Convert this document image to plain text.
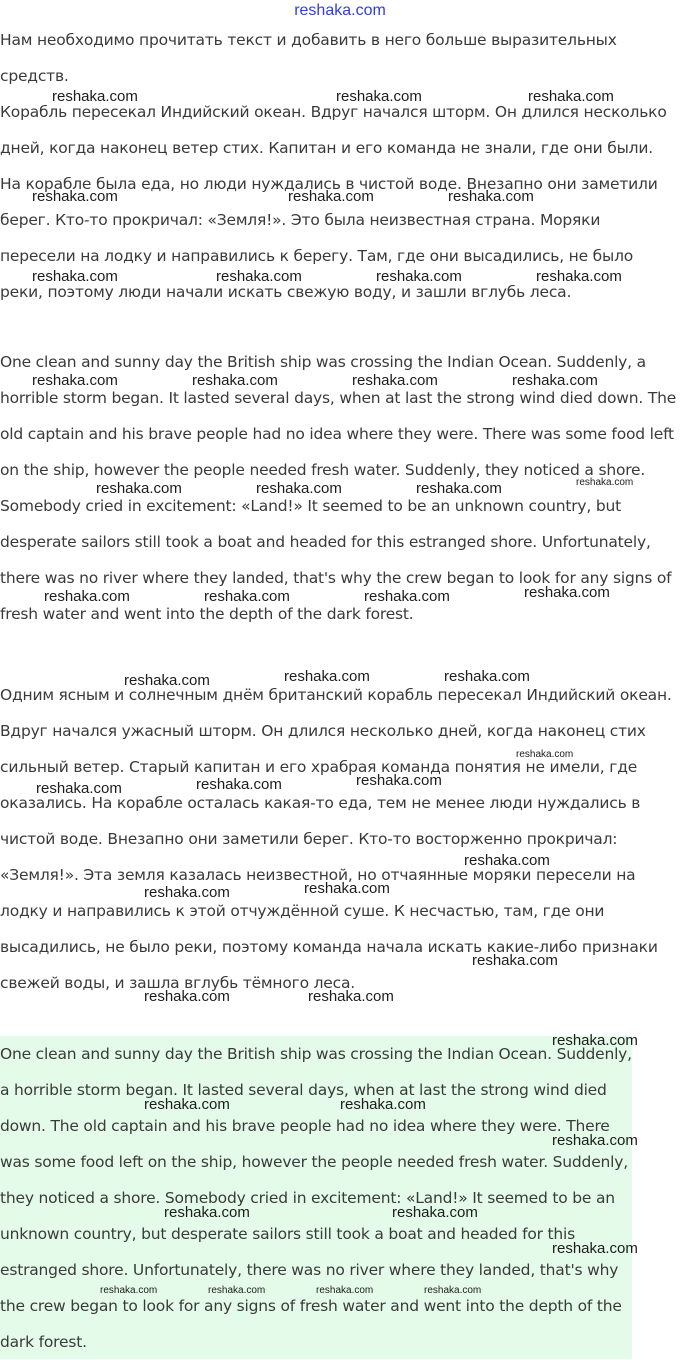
reshaka.com

Нам необходимо прочитать текст и добавить в него больше выразительных средств.

Корабль пересекал Индийский океан. Вдруг начался шторм. Он длился несколько дней, когда наконец ветер стих. Капитан и его команда не знали, где они были. На корабле была еда, но люди нуждались в чистой воде. Внезапно они заметили берег. Кто-то прокричал: «Земля!». Это была неизвестная страна. Моряки пересели на лодку и направились к берегу. Там, где они высадились, не было реки, поэтому люди начали искать свежую воду, и зашли вглубь леса.

One clean and sunny day the British ship was crossing the Indian Ocean. Suddenly, a horrible storm began. It lasted several days, when at last the strong wind died down. The old captain and his brave people had no idea where they were. There was some food left on the ship, however the people needed fresh water. Suddenly, they noticed a shore. Somebody cried in excitement: «Land!» It seemed to be an unknown country, but desperate sailors still took a boat and headed for this estranged shore. Unfortunately, there was no river where they landed, that's why the crew began to look for any signs of fresh water and went into the depth of the dark forest.

Одним ясным и солнечным днём британский корабль пересекал Индийский океан. Вдруг начался ужасный шторм. Он длился несколько дней, когда наконец стих сильный ветер. Старый капитан и его храбрая команда понятия не имели, где оказались. На корабле осталась какая-то еда, тем не менее люди нуждались в чистой воде. Внезапно они заметили берег. Кто-то восторженно прокричал: «Земля!». Эта земля казалась неизвестной, но отчаянные моряки пересели на лодку и направились к этой отчуждённой суше. К несчастью, там, где они высадились, не было реки, поэтому команда начала искать какие-либо признаки свежей воды, и зашла вглубь тёмного леса.

One clean and sunny day the British ship was crossing the Indian Ocean. Suddenly, a horrible storm began. It lasted several days, when at last the strong wind died down. The old captain and his brave people had no idea where they were. There was some food left on the ship, however the people needed fresh water. Suddenly, they noticed a shore. Somebody cried in excitement: «Land!» It seemed to be an unknown country, but desperate sailors still took a boat and headed for this estranged shore. Unfortunately, there was no river where they landed, that's why the crew began to look for any signs of fresh water and went into the depth of the dark forest.

reshaka.com	reshaka.com	reshaka.com
reshaka.com	reshaka.com	reshaka.com
reshaka.com	reshaka.com	reshaka.com	reshaka.com
reshaka.com	reshaka.com	reshaka.com	reshaka.com
reshaka.com	reshaka.com	reshaka.com	reshaka.com
reshaka.com	reshaka.com	reshaka.com	reshaka.com
reshaka.com	reshaka.com	reshaka.com
reshaka.com
reshaka.com
reshaka.com
reshaka.com
reshaka.com
reshaka.com
reshaka.com
reshaka.com
reshaka.com	reshaka.com
reshaka.com
reshaka.com	reshaka.com
reshaka.com
reshaka.com	reshaka.com
reshaka.com
reshaka.com	reshaka.com	reshaka.com	reshaka.com
